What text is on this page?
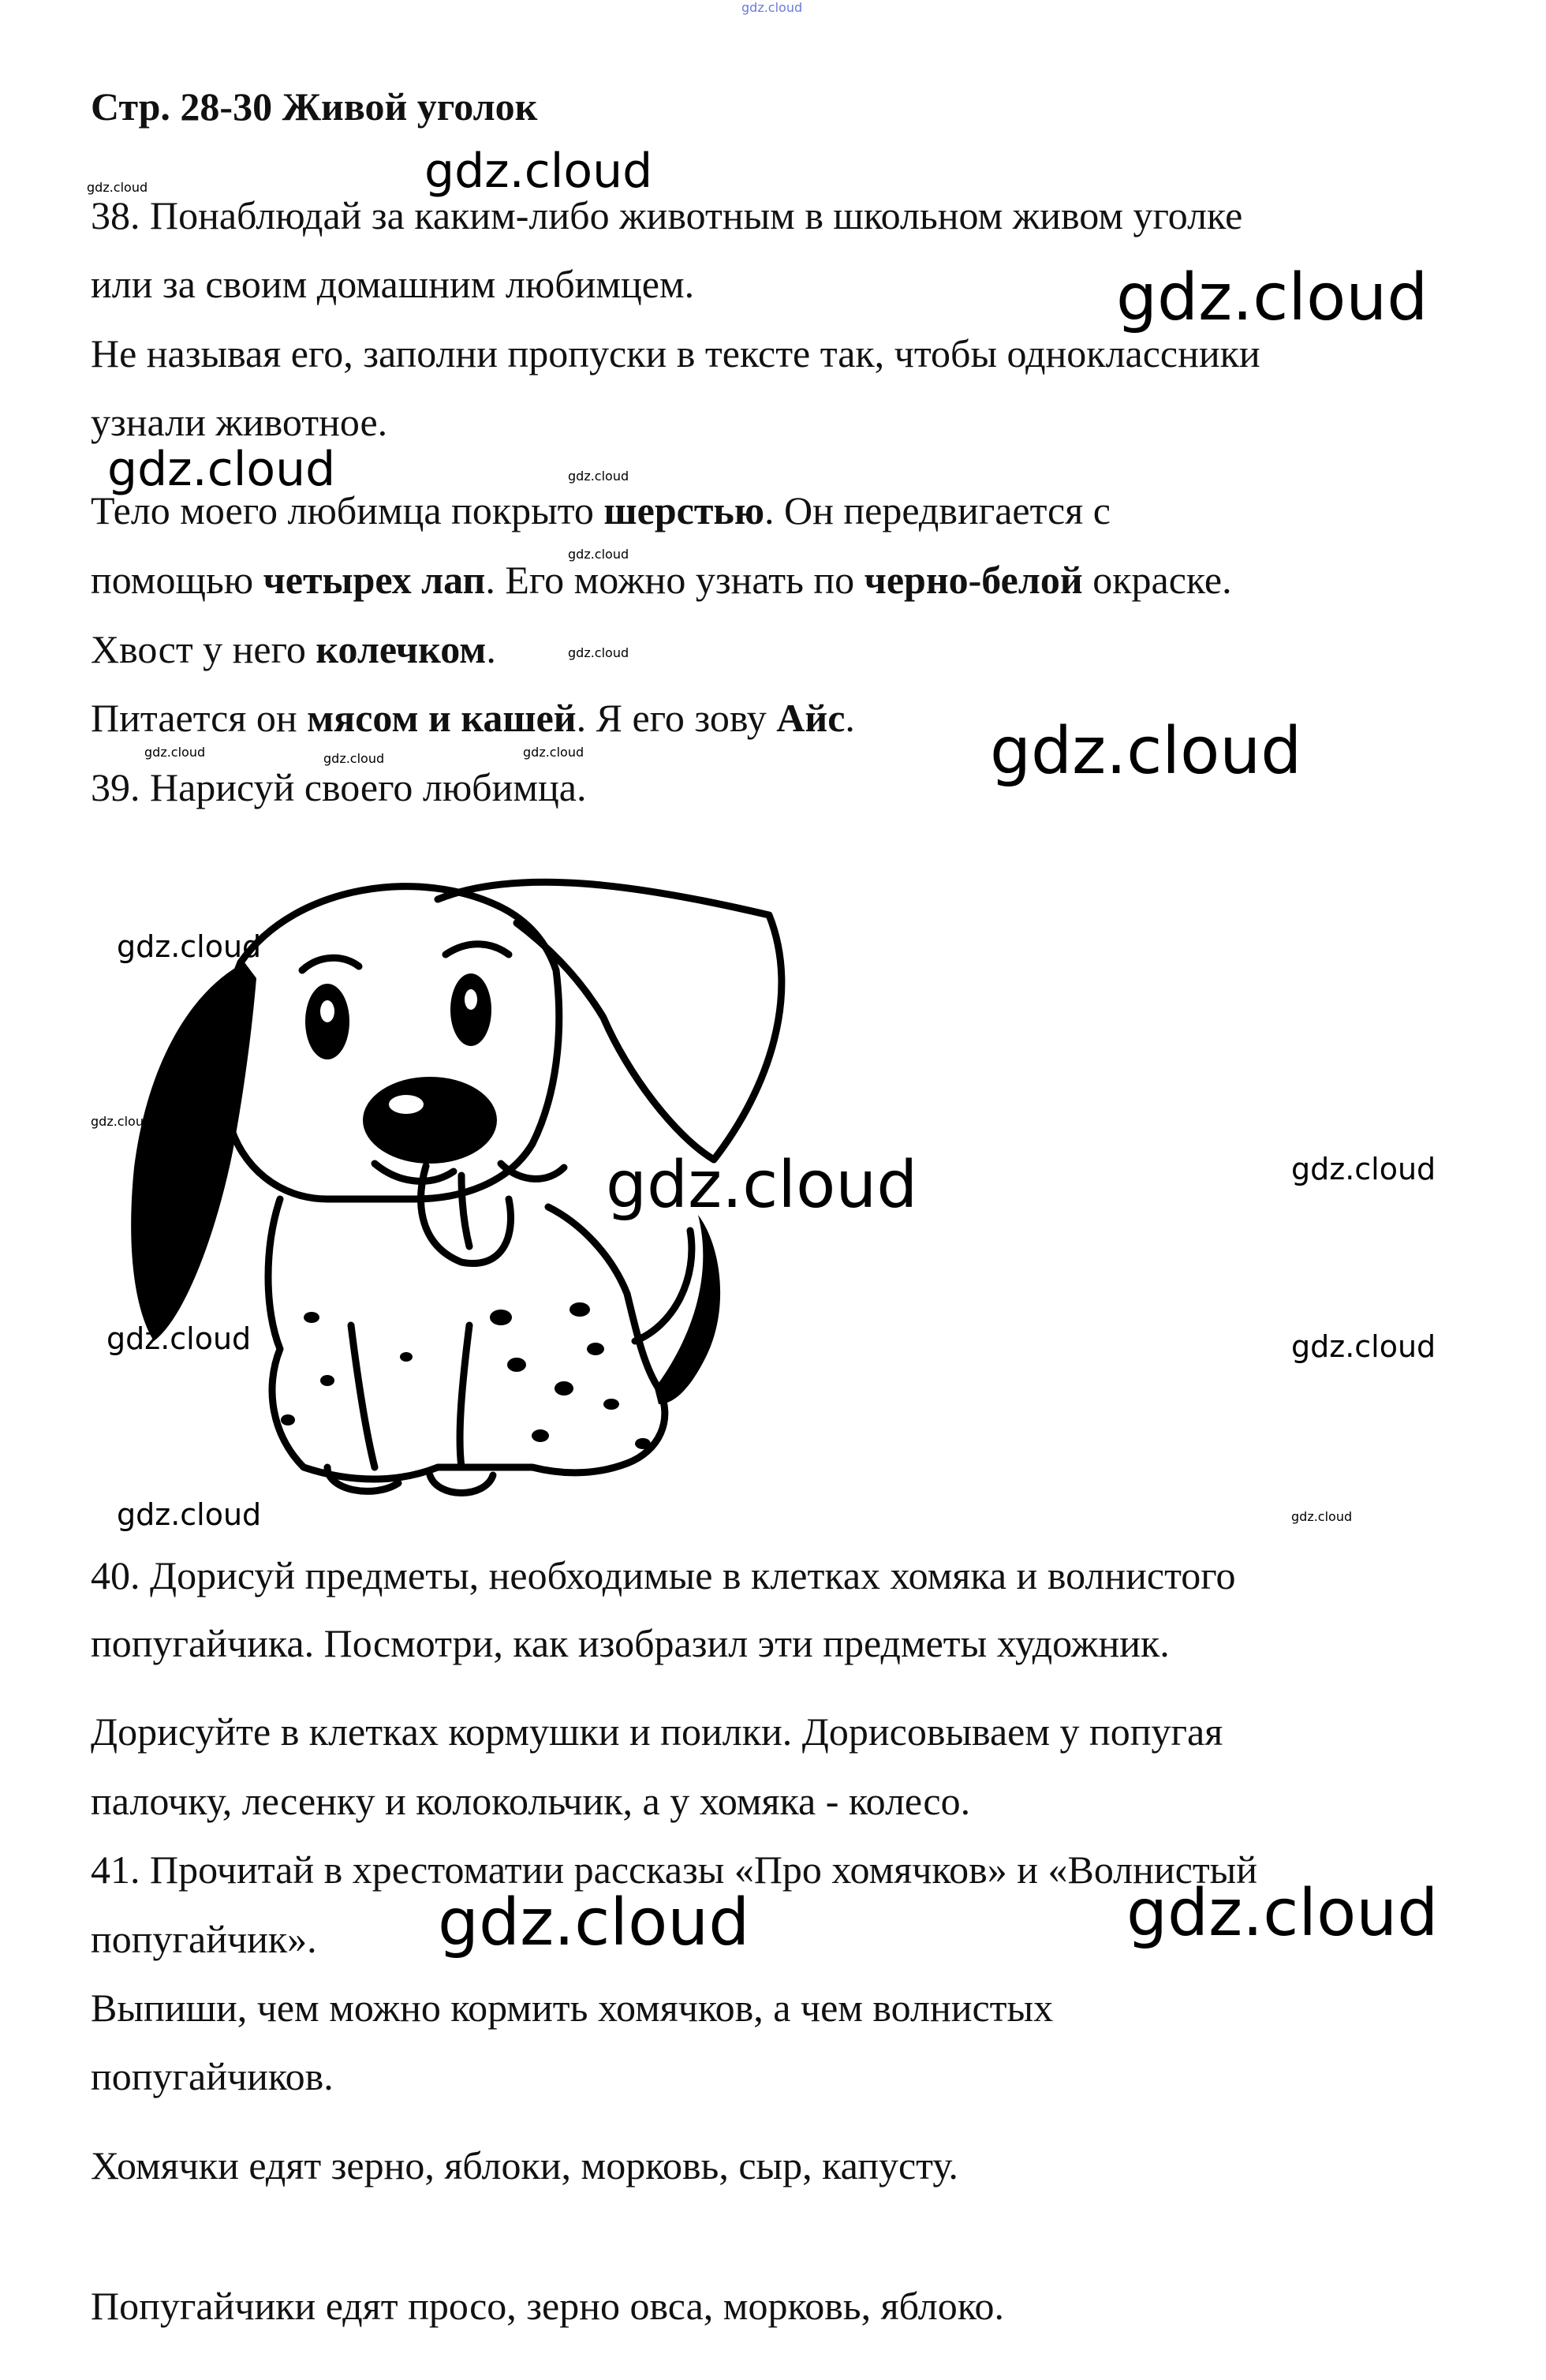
gdz.cloud
Стр. 28-30 Живой уголок
38. Понаблюдай за каким-либо животным в школьном живом уголке
или за своим домашним любимцем.
Не называя его, заполни пропуски в тексте так, чтобы одноклассники
узнали животное.
Тело моего любимца покрыто шерстью. Он передвигается с
помощью четырех лап. Его можно узнать по черно-белой окраске.
Хвост у него колечком.
Питается он мясом и кашей. Я его зову Айс.
39. Нарисуй своего любимца.
40. Дорисуй предметы, необходимые в клетках хомяка и волнистого
попугайчика. Посмотри, как изобразил эти предметы художник.
Дорисуйте в клетках кормушки и поилки. Дорисовываем у попугая
палочку, лесенку и колокольчик, а у хомяка - колесо.
41. Прочитай в хрестоматии рассказы «Про хомячков» и «Волнистый
попугайчик».
Выпиши, чем можно кормить хомячков, а чем волнистых
попугайчиков.
Хомячки едят зерно, яблоки, морковь, сыр, капусту.
Попугайчики едят просо, зерно овса, морковь, яблоко.
gdz.cloud	gdz.cloud
gdz.cloud
gdz.cloud	gdz.cloud
gdz.cloud
gdz.cloud
gdz.cloud
gdz.cloud	gdz.cloud	gdz.cloud
gdz.cloud
gdz.cloud
gdz.cloud	gdz.cloud
gdz.cloud	gdz.cloud
gdz.cloud	gdz.cloud
gdz.cloud	gdz.cloud
